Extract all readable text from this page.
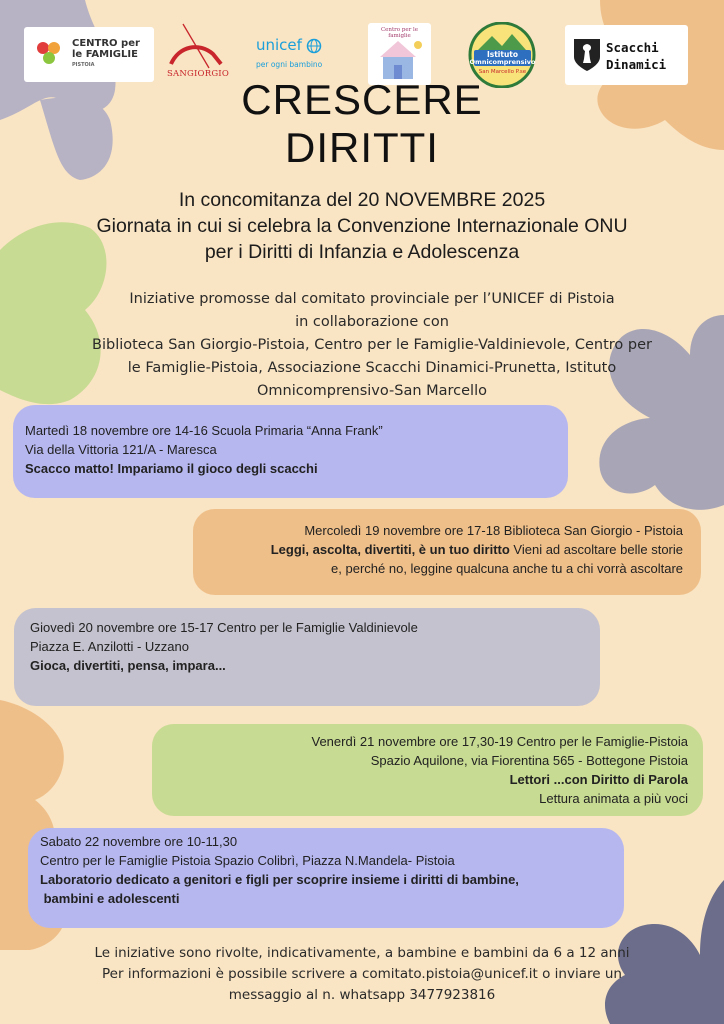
CENTRO per
le FAMIGLIE
PISTOIA
SANGIORGIO
unicef
per ogni bambino
Centro per le famiglie
Istituto
Omnicomprensivo
San Marcello P.se
Scacchi
Dinamici
CRESCERE
DIRITTI
In concomitanza del 20 NOVEMBRE 2025
Giornata in cui si celebra la Convenzione Internazionale ONU
per i Diritti di Infanzia e Adolescenza
Iniziative promosse dal comitato provinciale per l’UNICEF di Pistoia
in collaborazione con
Biblioteca San Giorgio-Pistoia, Centro per le Famiglie-Valdinievole, Centro per
le Famiglie-Pistoia, Associazione Scacchi Dinamici-Prunetta, Istituto
Omnicomprensivo-San Marcello
Martedì 18 novembre ore 14-16 Scuola Primaria “Anna Frank”
Via della Vittoria 121/A - Maresca
Scacco matto! Impariamo il gioco degli scacchi
Mercoledì 19 novembre ore 17-18 Biblioteca San Giorgio - Pistoia
Leggi, ascolta, divertiti, è un tuo diritto Vieni ad ascoltare belle storie
e, perché no, leggine qualcuna anche tu a chi vorrà ascoltare
Giovedì 20 novembre ore 15-17 Centro per le Famiglie Valdinievole
Piazza E. Anzilotti - Uzzano
Gioca, divertiti, pensa, impara...
Venerdì 21 novembre ore 17,30-19 Centro per le Famiglie-Pistoia
Spazio Aquilone, via Fiorentina 565 - Bottegone Pistoia
Lettori ...con Diritto di Parola
Lettura animata a più voci
Sabato 22 novembre ore 10-11,30
Centro per le Famiglie Pistoia Spazio Colibrì, Piazza N.Mandela- Pistoia
Laboratorio dedicato a genitori e figli per scoprire insieme i diritti di bambine,
bambini e adolescenti
Le iniziative sono rivolte, indicativamente, a bambine e bambini da 6 a 12 anni
Per informazioni è possibile scrivere a comitato.pistoia@unicef.it o inviare un
messaggio al n. whatsapp 3477923816
